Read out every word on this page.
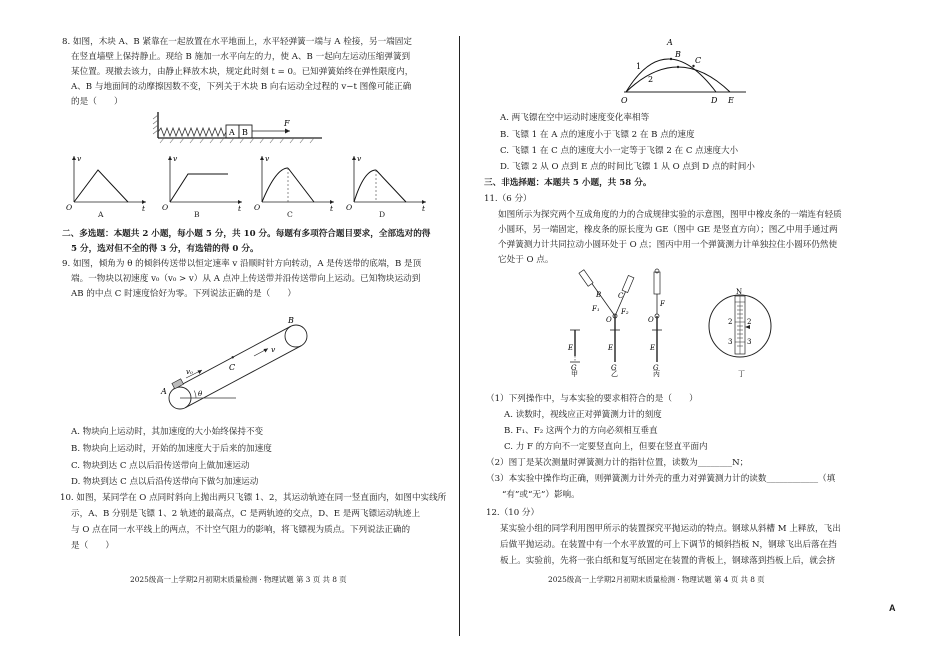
8. 如图，木块 A、B 紧靠在一起放置在水平地面上，水平轻弹簧一端与 A 栓接，另一端固定
在竖直墙壁上保持静止。现给 B 施加一水平向左的力，使 A、B 一起向左运动压缩弹簧到
某位置。现撤去该力，由静止释放木块，规定此时刻 t = 0。已知弹簧始终在弹性限度内，
A、B 与地面间的动摩擦因数不变，下列关于木块 B 向右运动全过程的 v−t 图像可能正确
的是（　　）
A B
F
v
t
O
v
t
O
v
t
O
v
t
O
A	B	C	D
二、多选题：本题共 2 小题，每小题 5 分，共 10 分。每题有多项符合题目要求，全部选对的得
5 分，选对但不全的得 3 分，有选错的得 0 分。
9. 如图，倾角为 θ 的倾斜传送带以恒定速率 v 沿顺时针方向转动，A 是传送带的底端，B 是顶
端。一物块以初速度 v₀（v₀ > v）从 A 点冲上传送带并沿传送带向上运动。已知物块运动到
AB 的中点 C 时速度恰好为零。下列说法正确的是（　　）
θ
v₀
A
B
C
v
A. 物块向上运动时，其加速度的大小始终保持不变
B. 物块向上运动时，开始的加速度大于后来的加速度
C. 物块到达 C 点以后沿传送带向上做加速运动
D. 物块到达 C 点以后沿传送带向下做匀加速运动
10. 如图，某同学在 O 点同时斜向上抛出两只飞镖 1、2，其运动轨迹在同一竖直面内，如图中实线所
示，A、B 分别是飞镖 1、2 轨迹的最高点，C 是两轨迹的交点，D、E 是两飞镖运动轨迹上
与 O 点在同一水平线上的两点，不计空气阻力的影响，将飞镖视为质点。下列说法正确的
是（　　）
2025级高一上学期2月初期末质量检测 · 物理试题 第 3 页 共 8 页
A
B
C
O	D E
1
2
A. 两飞镖在空中运动时速度变化率相等
B. 飞镖 1 在 A 点的速度小于飞镖 2 在 B 点的速度
C. 飞镖 1 在 C 点的速度大小一定等于飞镖 2 在 C 点速度大小
D. 飞镖 2 从 O 点到 E 点的时间比飞镖 1 从 O 点到 D 点的时间小
三、非选择题：本题共 5 小题，共 58 分。
11.（6 分）
如图所示为探究两个互成角度的力的合成规律实验的示意图，图甲中橡皮条的一端连有轻质
小圆环，另一端固定，橡皮条的原长度为 GE（图中 GE 是竖直方向）；图乙中用手通过两
个弹簧测力计共同拉动小圆环处于 O 点；图丙中用一个弹簧测力计单独拉住小圆环仍然使
它处于 O 点。
E
G
甲
B C
F₁	F₂
O
E
G
乙
F
O
E
G
丙
N
2 2
3 3
丁
（1）下列操作中，与本实验的要求相符合的是（　　）
A. 读数时，视线应正对弹簧测力计的刻度
B. F₁、F₂ 这两个力的方向必须相互垂直
C. 力 F 的方向不一定要竖直向上，但要在竖直平面内
（2）图丁是某次测量时弹簧测力计的指针位置，读数为________N；
（3）本实验中操作均正确，则弹簧测力计外壳的重力对弹簧测力计的读数____________（填
“有”或“无”）影响。
12.（10 分）
某实验小组的同学利用图甲所示的装置探究平抛运动的特点。钢球从斜槽 M 上释放，飞出
后做平抛运动。在装置中有一个水平放置的可上下调节的倾斜挡板 N，钢球飞出后落在挡
板上。实验前，先将一张白纸和复写纸固定在装置的背板上，钢球落到挡板上后，就会挤
2025级高一上学期2月初期末质量检测 · 物理试题 第 4 页 共 8 页
A
